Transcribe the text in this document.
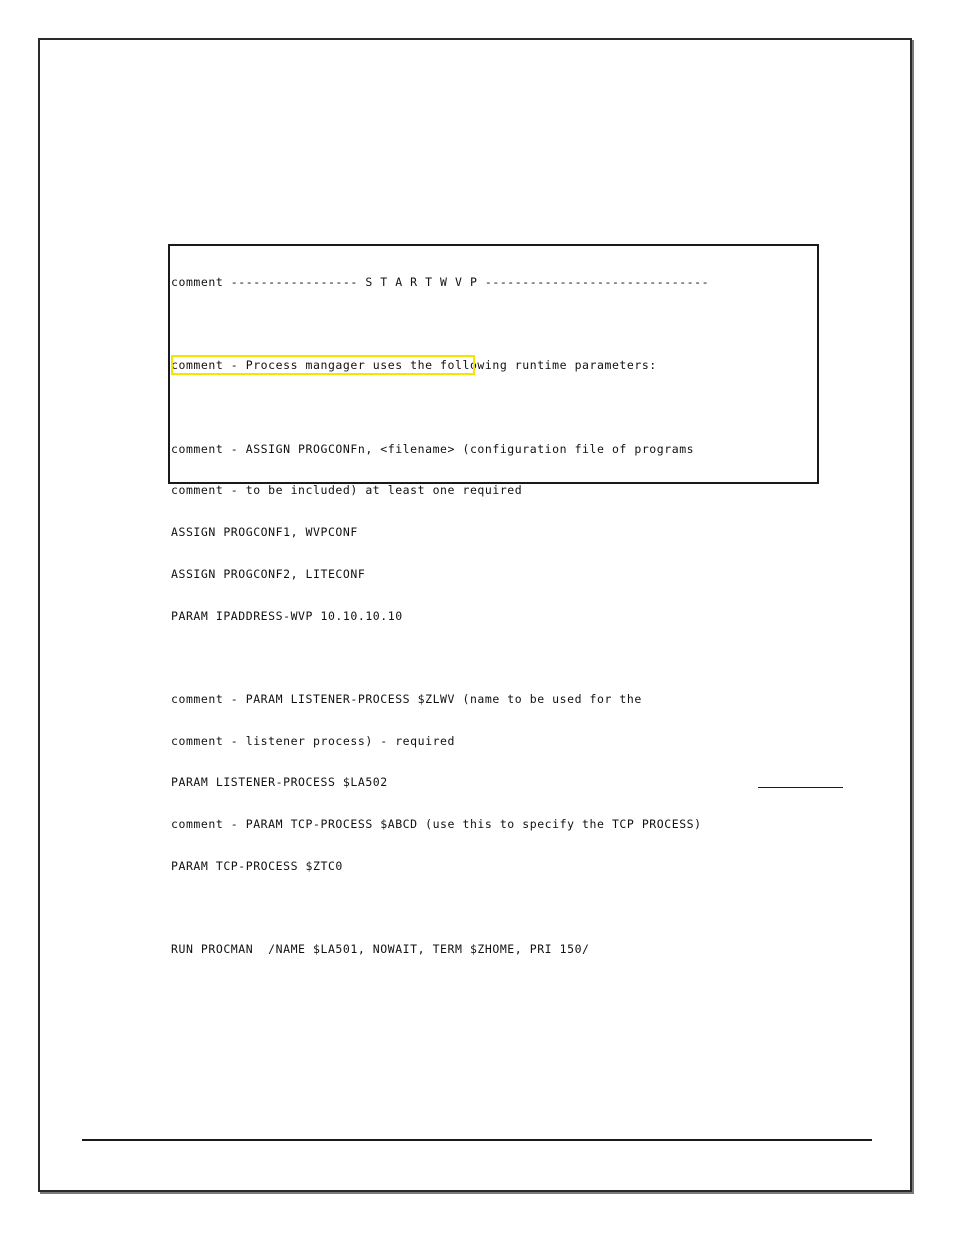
comment ----------------- S T A R T W V P ------------------------------

comment - Process mangager uses the following runtime parameters:

comment - ASSIGN PROGCONFn, <filename> (configuration file of programs

comment - to be included) at least one required

ASSIGN PROGCONF1, WVPCONF

ASSIGN PROGCONF2, LITECONF

PARAM IPADDRESS-WVP 10.10.10.10

comment - PARAM LISTENER-PROCESS $ZLWV (name to be used for the

comment - listener process) - required

PARAM LISTENER-PROCESS $LA502

comment - PARAM TCP-PROCESS $ABCD (use this to specify the TCP PROCESS)

PARAM TCP-PROCESS $ZTC0

RUN PROCMAN  /NAME $LA501, NOWAIT, TERM $ZHOME, PRI 150/
